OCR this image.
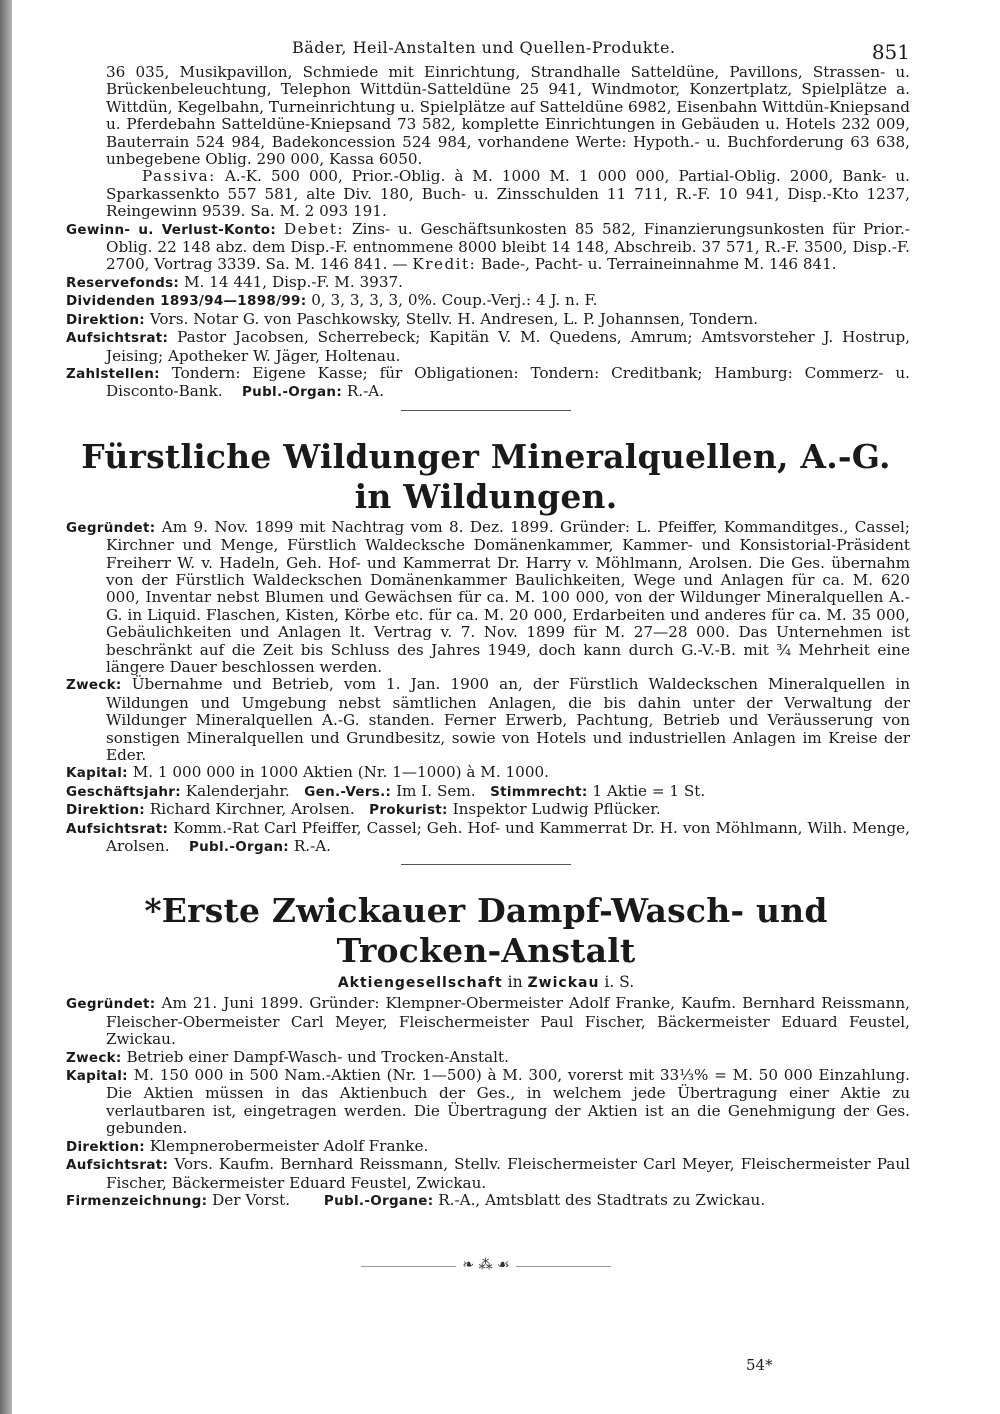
Bäder, Heil-Anstalten und Quellen-Produkte.	851

36 035, Musikpavillon, Schmiede mit Einrichtung, Strandhalle Satteldüne, Pavillons, Strassen- u. Brückenbeleuchtung, Telephon Wittdün-Satteldüne 25 941, Windmotor, Konzertplatz, Spielplätze a. Wittdün, Kegelbahn, Turneinrichtung u. Spielplätze auf Satteldüne 6982, Eisenbahn Wittdün-Kniepsand u. Pferdebahn Satteldüne-Kniepsand 73 582, komplette Einrichtungen in Gebäuden u. Hotels 232 009, Bauterrain 524 984, Badekoncession 524 984, vorhandene Werte: Hypoth.- u. Buchforderung 63 638, unbegebene Oblig. 290 000, Kassa 6050.

Passiva: A.-K. 500 000, Prior.-Oblig. à M. 1000 M. 1 000 000, Partial-Oblig. 2000, Bank- u. Sparkassenkto 557 581, alte Div. 180, Buch- u. Zinsschulden 11 711, R.-F. 10 941, Disp.-Kto 1237, Reingewinn 9539. Sa. M. 2 093 191.

Gewinn- u. Verlust-Konto: Debet: Zins- u. Geschäftsunkosten 85 582, Finanzierungsunkosten für Prior.-Oblig. 22 148 abz. dem Disp.-F. entnommene 8000 bleibt 14 148, Abschreib. 37 571, R.-F. 3500, Disp.-F. 2700, Vortrag 3339. Sa. M. 146 841. — Kredit: Bade-, Pacht- u. Terraineinnahme M. 146 841.

Reservefonds: M. 14 441, Disp.-F. M. 3937.

Dividenden 1893/94—1898/99: 0, 3, 3, 3, 3, 0%. Coup.-Verj.: 4 J. n. F.

Direktion: Vors. Notar G. von Paschkowsky, Stellv. H. Andresen, L. P. Johannsen, Tondern.

Aufsichtsrat: Pastor Jacobsen, Scherrebeck; Kapitän V. M. Quedens, Amrum; Amtsvorsteher J. Hostrup, Jeising; Apotheker W. Jäger, Holtenau.

Zahlstellen: Tondern: Eigene Kasse; für Obligationen: Tondern: Creditbank; Hamburg: Commerz- u. Disconto-Bank. Publ.-Organ: R.-A.

Fürstliche Wildunger Mineralquellen, A.-G. in Wildungen.

Gegründet: Am 9. Nov. 1899 mit Nachtrag vom 8. Dez. 1899. Gründer: L. Pfeiffer, Kommanditges., Cassel; Kirchner und Menge, Fürstlich Waldecksche Domänenkammer, Kammer- und Konsistorial-Präsident Freiherr W. v. Hadeln, Geh. Hof- und Kammerrat Dr. Harry v. Möhlmann, Arolsen. Die Ges. übernahm von der Fürstlich Waldeckschen Domänenkammer Baulichkeiten, Wege und Anlagen für ca. M. 620 000, Inventar nebst Blumen und Gewächsen für ca. M. 100 000, von der Wildunger Mineralquellen A.-G. in Liquid. Flaschen, Kisten, Körbe etc. für ca. M. 20 000, Erdarbeiten und anderes für ca. M. 35 000, Gebäulichkeiten und Anlagen lt. Vertrag v. 7. Nov. 1899 für M. 27—28 000. Das Unternehmen ist beschränkt auf die Zeit bis Schluss des Jahres 1949, doch kann durch G.-V.-B. mit ¾ Mehrheit eine längere Dauer beschlossen werden.

Zweck: Übernahme und Betrieb, vom 1. Jan. 1900 an, der Fürstlich Waldeckschen Mineralquellen in Wildungen und Umgebung nebst sämtlichen Anlagen, die bis dahin unter der Verwaltung der Wildunger Mineralquellen A.-G. standen. Ferner Erwerb, Pachtung, Betrieb und Veräusserung von sonstigen Mineralquellen und Grundbesitz, sowie von Hotels und industriellen Anlagen im Kreise der Eder.

Kapital: M. 1 000 000 in 1000 Aktien (Nr. 1—1000) à M. 1000.

Geschäftsjahr: Kalenderjahr. Gen.-Vers.: Im I. Sem. Stimmrecht: 1 Aktie = 1 St.

Direktion: Richard Kirchner, Arolsen. Prokurist: Inspektor Ludwig Pflücker.

Aufsichtsrat: Komm.-Rat Carl Pfeiffer, Cassel; Geh. Hof- und Kammerrat Dr. H. von Möhlmann, Wilh. Menge, Arolsen. Publ.-Organ: R.-A.

*Erste Zwickauer Dampf-Wasch- und Trocken-Anstalt
Aktiengesellschaft in Zwickau i. S.

Gegründet: Am 21. Juni 1899. Gründer: Klempner-Obermeister Adolf Franke, Kaufm. Bernhard Reissmann, Fleischer-Obermeister Carl Meyer, Fleischermeister Paul Fischer, Bäckermeister Eduard Feustel, Zwickau.

Zweck: Betrieb einer Dampf-Wasch- und Trocken-Anstalt.

Kapital: M. 150 000 in 500 Nam.-Aktien (Nr. 1—500) à M. 300, vorerst mit 33⅓% = M. 50 000 Einzahlung. Die Aktien müssen in das Aktienbuch der Ges., in welchem jede Übertragung einer Aktie zu verlautbaren ist, eingetragen werden. Die Übertragung der Aktien ist an die Genehmigung der Ges. gebunden.

Direktion: Klempnerobermeister Adolf Franke.

Aufsichtsrat: Vors. Kaufm. Bernhard Reissmann, Stellv. Fleischermeister Carl Meyer, Fleischermeister Paul Fischer, Bäckermeister Eduard Feustel, Zwickau.

Firmenzeichnung: Der Vorst.	Publ.-Organe: R.-A., Amtsblatt des Stadtrats zu Zwickau.

❧ ⁂ ☙
54*
